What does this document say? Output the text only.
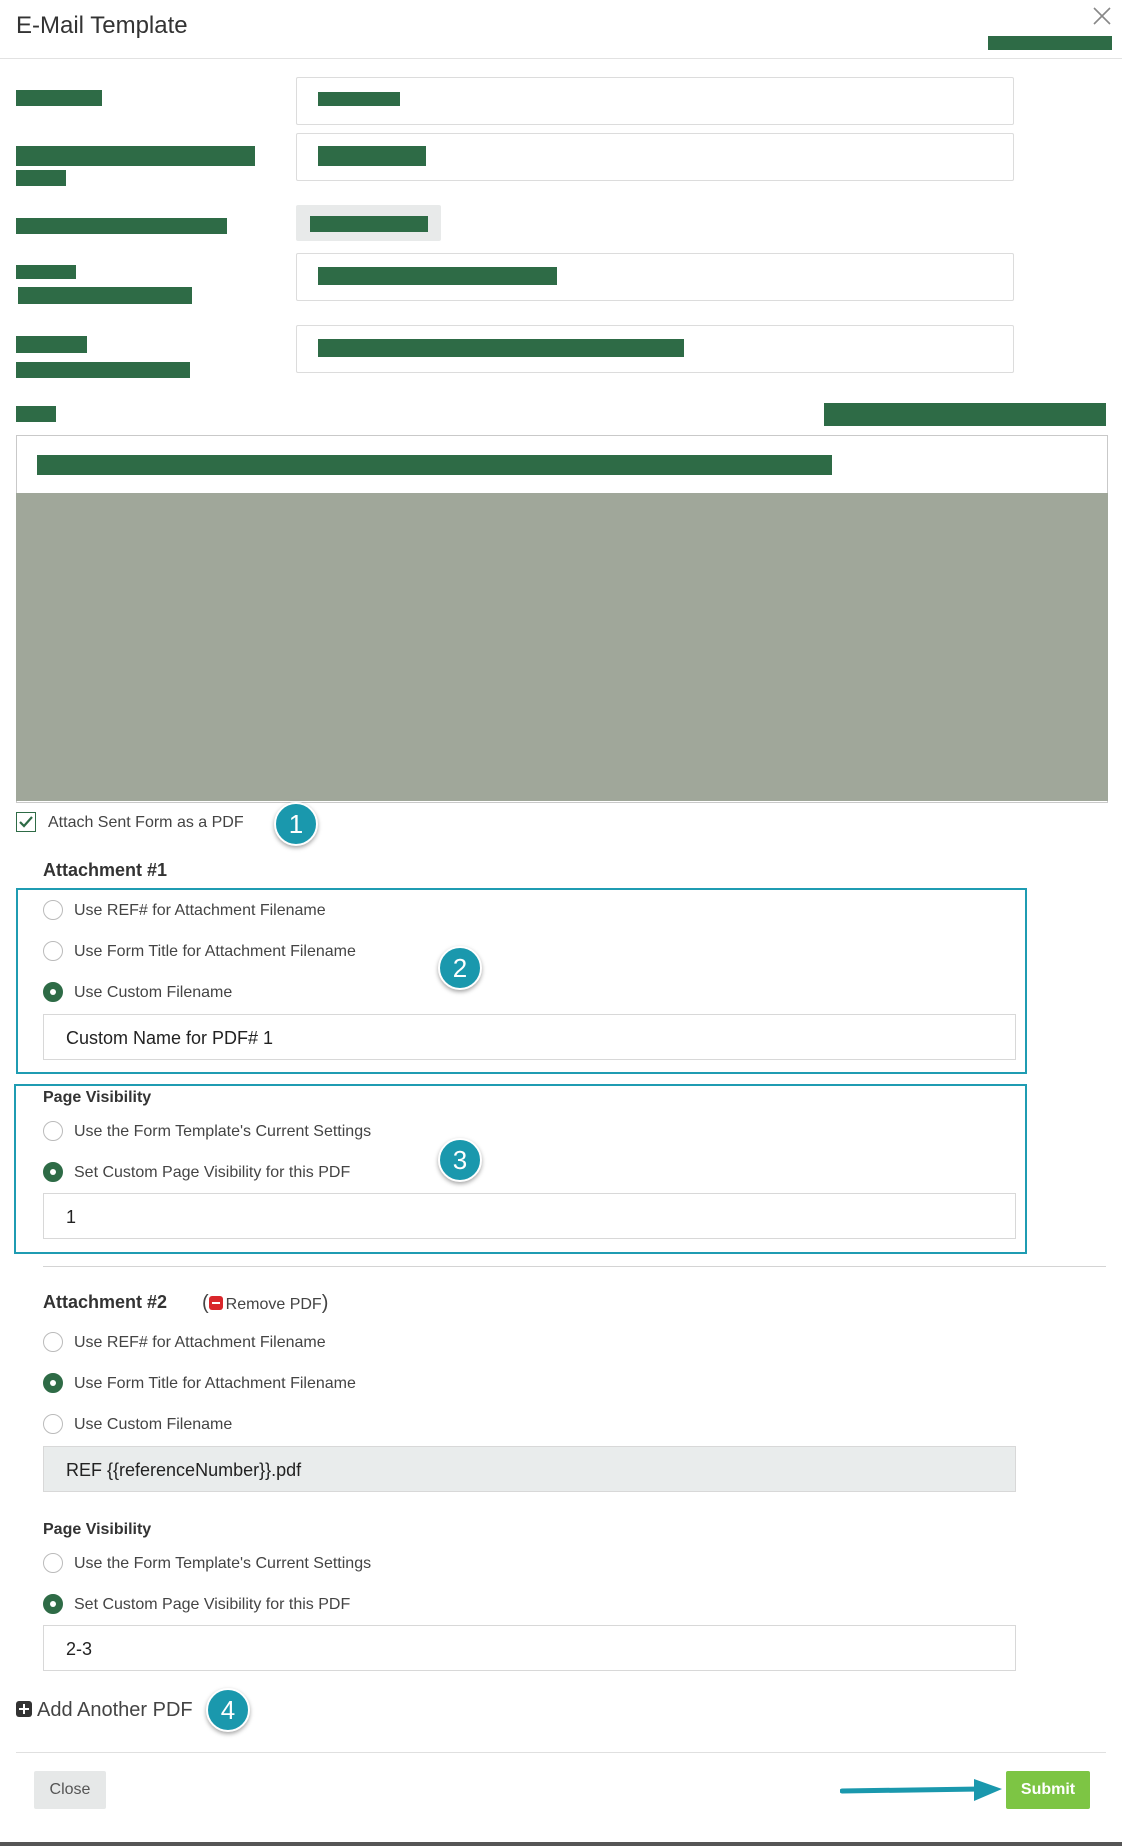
E-Mail Template
Attach Sent Form as a PDF	1
Attachment #1
Use REF# for Attachment Filename
Use Form Title for Attachment Filename
Use Custom Filename
2
Custom Name for PDF# 1
Page Visibility
Use the Form Template's Current Settings
Set Custom Page Visibility for this PDF	3
1
Attachment #2 ( Remove PDF)
Use REF# for Attachment Filename
Use Form Title for Attachment Filename
Use Custom Filename
REF {{referenceNumber}}.pdf
Page Visibility
Use the Form Template's Current Settings
Set Custom Page Visibility for this PDF
2-3
Add Another PDF	4
Close	Submit
